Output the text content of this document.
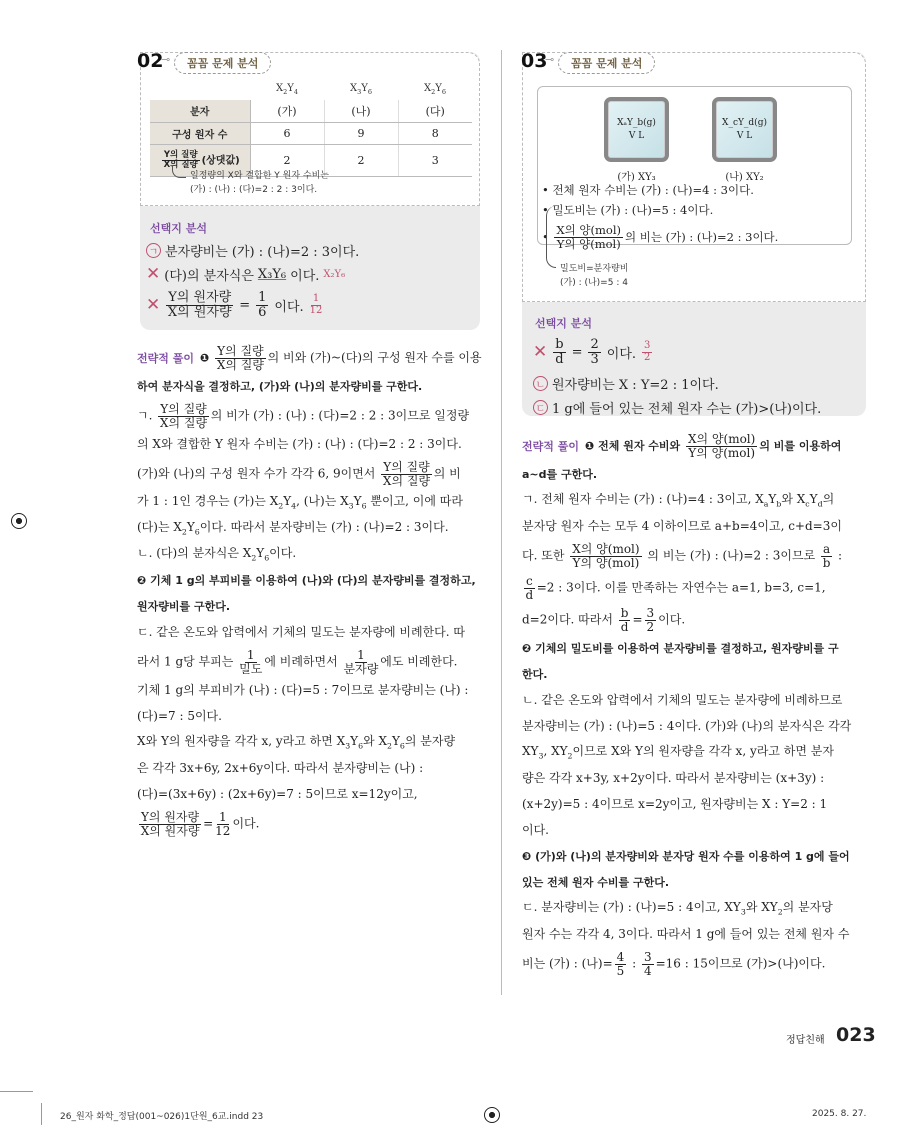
02
⊸	꼼꼼 문제 분석
	$X_2Y_4$	$X_3Y_6$	$X_2Y_6$
분자	(가)	(나)	(다)
구성 원자 수	6	9	8

$\frac{\text{Y의 질량}}{\text{X의 질량}}$ (상댓값)	2	2	3
일정량의 X와 결합한 Y 원자 수비는
(가) : (나) : (다)=2 : 2 : 3이다.
선택지 분석
ㄱ 분자량비는 (가) : (나)=2 : 3이다.
✕ (다)의 분자식은 X₃Y₆ 이다. X₂Y₆
✕ $\frac{\text{Y의 원자량}}{\text{X의 원자량}} = \frac{1}{6}$ 이다. $\frac{1}{12}$
03
⊸	꼼꼼 문제 분석
XₐY_b(g)
V L
(가) XY₃
X_cY_d(g)
V L
(나) XY₂
• 전체 원자 수비는 (가) : (나)=4 : 3이다.
• 밀도비는 (가) : (나)=5 : 4이다.
• $\frac{\text{X의 양(mol)}}{\text{Y의 양(mol)}}$ 의 비는 (가) : (나)=2 : 3이다.
밀도비=분자량비
(가) : (나)=5 : 4
선택지 분석
✕ $\frac{b}{d} = \frac{2}{3}$ 이다. $\frac{3}{2}$
ㄴ 원자량비는 X : Y=2 : 1이다.
ㄷ 1 g에 들어 있는 전체 원자 수는 (가)>(나)이다.
전략적 풀이 ❶ $\frac{\text{Y의 질량}}{\text{X의 질량}}$ 의 비와 (가)~(다)의 구성 원자 수를 이용
하여 분자식을 결정하고, (가)와 (나)의 분자량비를 구한다.
ㄱ. $\frac{\text{Y의 질량}}{\text{X의 질량}}$ 의 비가 (가) : (나) : (다)=2 : 2 : 3이므로 일정량
의 X와 결합한 Y 원자 수비는 (가) : (나) : (다)=2 : 2 : 3이다.
(가)와 (나)의 구성 원자 수가 각각 6, 9이면서 $\frac{\text{Y의 질량}}{\text{X의 질량}}$ 의 비
가 1 : 1인 경우는 (가)는 $X_2Y_4$, (나)는 $X_3Y_6$ 뿐이고, 이에 따라
(다)는 $X_2Y_6$이다. 따라서 분자량비는 (가) : (나)=2 : 3이다.
ㄴ. (다)의 분자식은 $X_2Y_6$이다.
❷ 기체 1 g의 부피비를 이용하여 (나)와 (다)의 분자량비를 결정하고,
원자량비를 구한다.
ㄷ. 같은 온도와 압력에서 기체의 밀도는 분자량에 비례한다. 따
라서 1 g당 부피는 $\frac{1}{\text{밀도}}$ 에 비례하면서 $\frac{1}{\text{분자량}}$ 에도 비례한다.
기체 1 g의 부피비가 (나) : (다)=5 : 7이므로 분자량비는 (나) :
(다)=7 : 5이다.
X와 Y의 원자량을 각각 x, y라고 하면 $X_3Y_6$와 $X_2Y_6$의 분자량
은 각각 3x+6y, 2x+6y이다. 따라서 분자량비는 (나) :
(다)=(3x+6y) : (2x+6y)=7 : 5이므로 x=12y이고,
$\frac{\text{Y의 원자량}}{\text{X의 원자량}} = \frac{1}{12}$ 이다.
전략적 풀이 ❶ 전체 원자 수비와 $\frac{\text{X의 양(mol)}}{\text{Y의 양(mol)}}$ 의 비를 이용하여
a~d를 구한다.
ㄱ. 전체 원자 수비는 (가) : (나)=4 : 3이고, $X_aY_b$와 $X_cY_d$의
분자당 원자 수는 모두 4 이하이므로 a+b=4이고, c+d=3이
다. 또한 $\frac{\text{X의 양(mol)}}{\text{Y의 양(mol)}}$ 의 비는 (가) : (나)=2 : 3이므로 $\frac{a}{b}$ :
$\frac{c}{d} =2$ : 3이다. 이를 만족하는 자연수는 a=1, b=3, c=1,
d=2이다. 따라서 $\frac{b}{d} = \frac{3}{2}$ 이다.
❷ 기체의 밀도비를 이용하여 분자량비를 결정하고, 원자량비를 구
한다.
ㄴ. 같은 온도와 압력에서 기체의 밀도는 분자량에 비례하므로
분자량비는 (가) : (나)=5 : 4이다. (가)와 (나)의 분자식은 각각
$XY_3$, $XY_2$이므로 X와 Y의 원자량을 각각 x, y라고 하면 분자
량은 각각 x+3y, x+2y이다. 따라서 분자량비는 (x+3y) :
(x+2y)=5 : 4이므로 x=2y이고, 원자량비는 X : Y=2 : 1
이다.
❸ (가)와 (나)의 분자량비와 분자당 원자 수를 이용하여 1 g에 들어
있는 전체 원자 수비를 구한다.
ㄷ. 분자량비는 (가) : (나)=5 : 4이고, $XY_3$와 $XY_2$의 분자당
원자 수는 각각 4, 3이다. 따라서 1 g에 들어 있는 전체 원자 수
비는 (가) : (나)= $\frac{4}{5}$ : $\frac{3}{4} =16$ : 15이므로 (가)>(나)이다.
정답친해 023
26_원자 화학_정답(001~026)1단원_6교.indd 23	2025. 8. 27.
